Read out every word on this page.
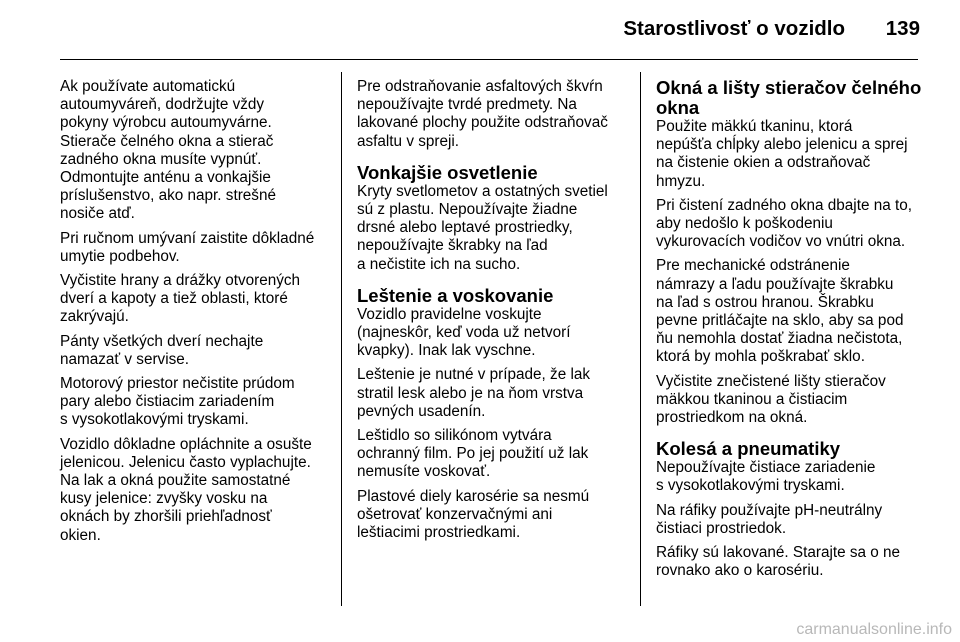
Starostlivosť o vozidlo 139

Ak používate automatickú
autoumyváreň, dodržujte vždy
pokyny výrobcu autoumyvárne.
Stierače čelného okna a stierač
zadného okna musíte vypnúť.
Odmontujte anténu a vonkajšie
príslušenstvo, ako napr. strešné
nosiče atď.

Pri ručnom umývaní zaistite dôkladné
umytie podbehov.

Vyčistite hrany a drážky otvorených
dverí a kapoty a tiež oblasti, ktoré
zakrývajú.

Pánty všetkých dverí nechajte
namazať v servise.

Motorový priestor nečistite prúdom
pary alebo čistiacim zariadením
s vysokotlakovými tryskami.

Vozidlo dôkladne opláchnite a osušte
jelenicou. Jelenicu často vyplachujte.
Na lak a okná použite samostatné
kusy jelenice: zvyšky vosku na
oknách by zhoršili priehľadnosť
okien.

Pre odstraňovanie asfaltových škvŕn
nepoužívajte tvrdé predmety. Na
lakované plochy použite odstraňovač
asfaltu v spreji.

Vonkajšie osvetlenie

Kryty svetlometov a ostatných svetiel
sú z plastu. Nepoužívajte žiadne
drsné alebo leptavé prostriedky,
nepoužívajte škrabky na ľad
a nečistite ich na sucho.

Leštenie a voskovanie

Vozidlo pravidelne voskujte
(najneskôr, keď voda už netvorí
kvapky). Inak lak vyschne.

Leštenie je nutné v prípade, že lak
stratil lesk alebo je na ňom vrstva
pevných usadenín.

Leštidlo so silikónom vytvára
ochranný film. Po jej použití už lak
nemusíte voskovať.

Plastové diely karosérie sa nesmú
ošetrovať konzervačnými ani
leštiacimi prostriedkami.

Okná a lišty stieračov čelného
okna

Použite mäkkú tkaninu, ktorá
nepúšťa chĺpky alebo jelenicu a sprej
na čistenie okien a odstraňovač
hmyzu.

Pri čistení zadného okna dbajte na to,
aby nedošlo k poškodeniu
vykurovacích vodičov vo vnútri okna.

Pre mechanické odstránenie
námrazy a ľadu používajte škrabku
na ľad s ostrou hranou. Škrabku
pevne pritláčajte na sklo, aby sa pod
ňu nemohla dostať žiadna nečistota,
ktorá by mohla poškrabať sklo.

Vyčistite znečistené lišty stieračov
mäkkou tkaninou a čistiacim
prostriedkom na okná.

Kolesá a pneumatiky

Nepoužívajte čistiace zariadenie
s vysokotlakovými tryskami.

Na ráfiky používajte pH-neutrálny
čistiaci prostriedok.

Ráfiky sú lakované. Starajte sa o ne
rovnako ako o karosériu.

carmanualsonline.info
